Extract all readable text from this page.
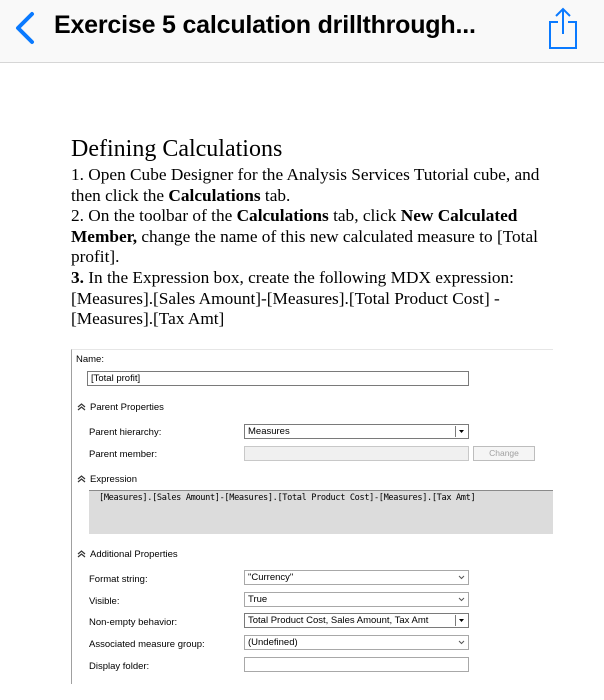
Exercise 5 calculation drillthrough...
Defining Calculations

1. Open Cube Designer for the Analysis Services Tutorial cube, and then click the Calculations tab.

2. On the toolbar of the Calculations tab, click New Calculated Member, change the name of this new calculated measure to [Total profit].

3. In the Expression box, create the following MDX expression: [Measures].[Sales Amount]-[Measures].[Total Product Cost] - [Measures].[Tax Amt]

Name:
[Total profit]
Parent Properties
Parent hierarchy:	Measures
Parent member:	Change
Expression
[Measures].[Sales Amount]-[Measures].[Total Product Cost]-[Measures].[Tax Amt]
Additional Properties
Format string:	"Currency"
Visible:	True
Non-empty behavior:	Total Product Cost, Sales Amount, Tax Amt
Associated measure group:	(Undefined)
Display folder:
